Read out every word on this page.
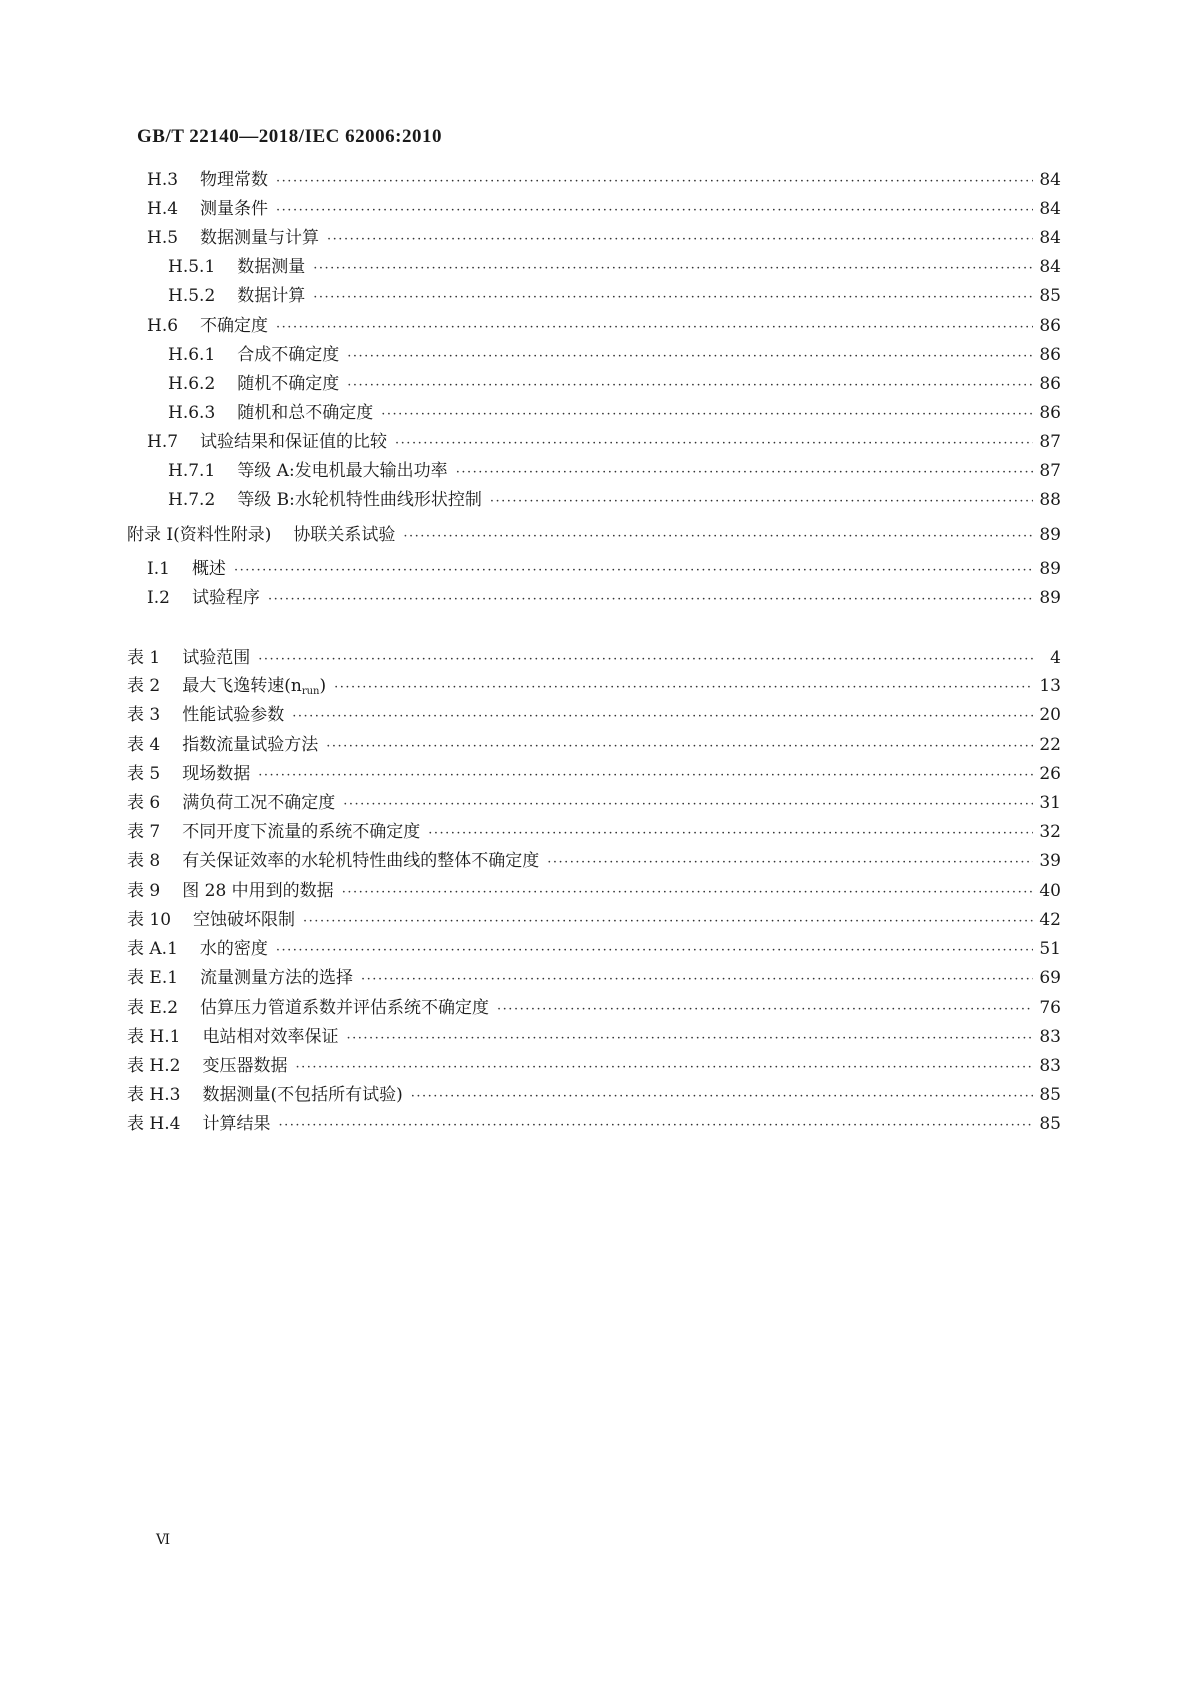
GB/T 22140—2018/IEC 62006:2010
H.3 物理常数 ·····	84
H.4 测量条件 ·····	84
H.5 数据测量与计算 ·····	84
H.5.1 数据测量 ·····	84
H.5.2 数据计算 ·····	85
H.6 不确定度 ·····	86
H.6.1 合成不确定度 ·····	86
H.6.2 随机不确定度 ·····	86
H.6.3 随机和总不确定度 ·····	86
H.7 试验结果和保证值的比较 ·····	87
H.7.1 等级 A:发电机最大输出功率 ·····	87
H.7.2 等级 B:水轮机特性曲线形状控制 ·····	88
附录 I(资料性附录) 协联关系试验 ·····	89
I.1 概述 ·····	89
I.2 试验程序 ·····	89
表 1 试验范围 ·····	4
表 2 最大飞逸转速$(n_{run})$ ·····	13
表 3 性能试验参数 ·····	20
表 4 指数流量试验方法 ·····	22
表 5 现场数据 ·····	26
表 6 满负荷工况不确定度 ·····	31
表 7 不同开度下流量的系统不确定度 ·····	32
表 8 有关保证效率的水轮机特性曲线的整体不确定度 ·····	39
表 9 图 28 中用到的数据 ·····	40
表 10 空蚀破坏限制 ·····	42
表 A.1 水的密度 ·····	51
表 E.1 流量测量方法的选择 ·····	69
表 E.2 估算压力管道系数并评估系统不确定度 ·····	76
表 H.1 电站相对效率保证 ·····	83
表 H.2 变压器数据 ·····	83
表 H.3 数据测量(不包括所有试验) ·····	85
表 H.4 计算结果 ·····	85
Ⅵ
